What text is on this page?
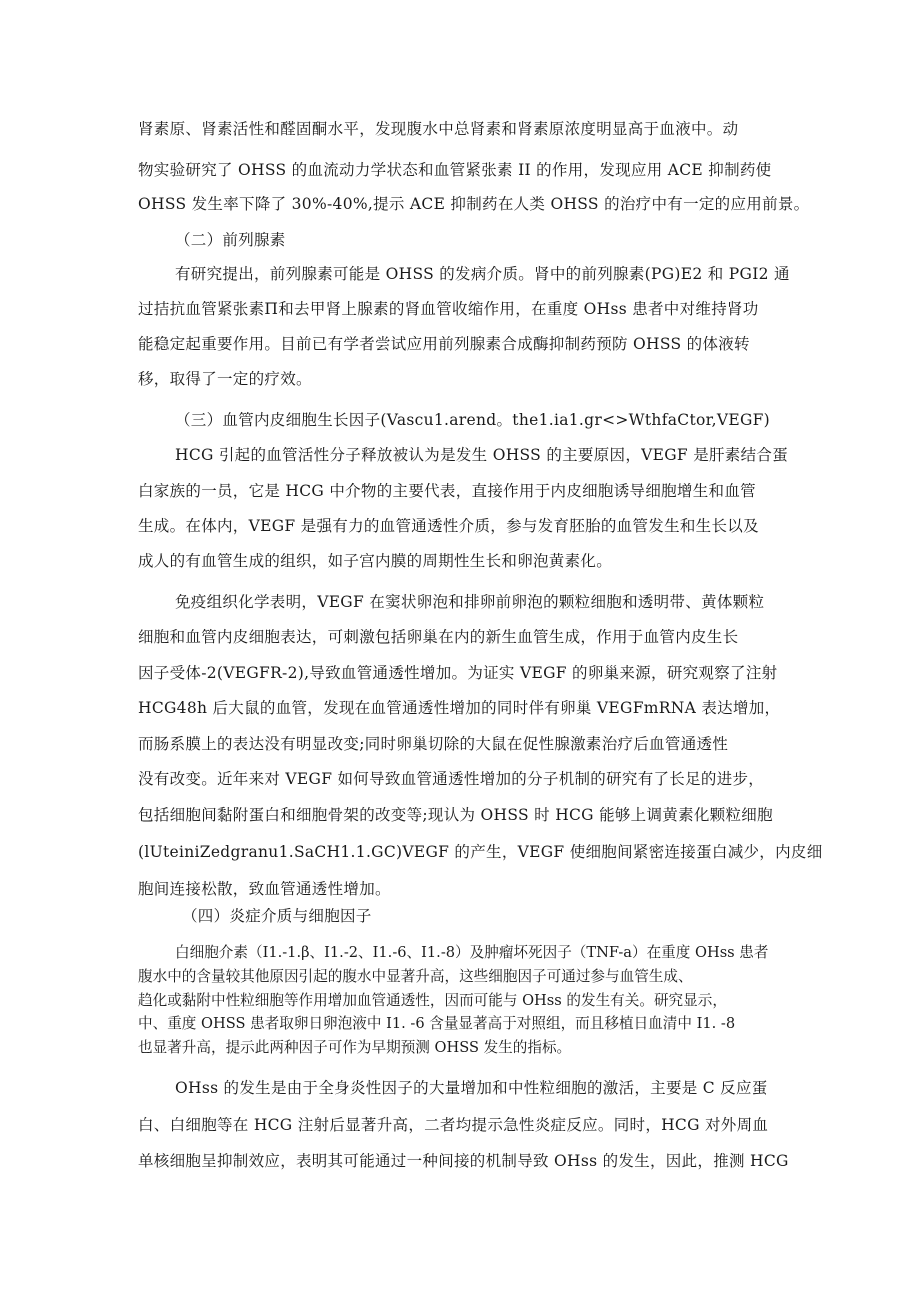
肾素原、肾素活性和醛固酮水平，发现腹水中总肾素和肾素原浓度明显高于血液中。动
物实验研究了 OHSS 的血流动力学状态和血管紧张素 II 的作用，发现应用 ACE 抑制药使
OHSS 发生率下降了 30%-40%,提示 ACE 抑制药在人类 OHSS 的治疗中有一定的应用前景。
（二）前列腺素
有研究提出，前列腺素可能是 OHSS 的发病介质。肾中的前列腺素(PG)E2 和 PGI2 通
过拮抗血管紧张素Π和去甲肾上腺素的肾血管收缩作用，在重度 OHss 患者中对维持肾功
能稳定起重要作用。目前已有学者尝试应用前列腺素合成酶抑制药预防 OHSS 的体液转
移，取得了一定的疗效。
（三）血管内皮细胞生长因子(Vascu1.arend。the1.ia1.gr<>WthfaCtor,VEGF)
HCG 引起的血管活性分子释放被认为是发生 OHSS 的主要原因，VEGF 是肝素结合蛋
白家族的一员，它是 HCG 中介物的主要代表，直接作用于内皮细胞诱导细胞增生和血管
生成。在体内，VEGF 是强有力的血管通透性介质，参与发育胚胎的血管发生和生长以及
成人的有血管生成的组织，如子宫内膜的周期性生长和卵泡黄素化。
免疫组织化学表明，VEGF 在窦状卵泡和排卵前卵泡的颗粒细胞和透明带、黄体颗粒
细胞和血管内皮细胞表达，可刺激包括卵巢在内的新生血管生成，作用于血管内皮生长
因子受体-2(VEGFR-2),导致血管通透性增加。为证实 VEGF 的卵巢来源，研究观察了注射
HCG48h 后大鼠的血管，发现在血管通透性增加的同时伴有卵巢 VEGFmRNA 表达增加，
而肠系膜上的表达没有明显改变;同时卵巢切除的大鼠在促性腺激素治疗后血管通透性
没有改变。近年来对 VEGF 如何导致血管通透性增加的分子机制的研究有了长足的进步，
包括细胞间黏附蛋白和细胞骨架的改变等;现认为 OHSS 时 HCG 能够上调黄素化颗粒细胞
(lUteiniZedgranu1.SaCH1.1.GC)VEGF 的产生，VEGF 使细胞间紧密连接蛋白减少，内皮细
胞间连接松散，致血管通透性增加。
（四）炎症介质与细胞因子
白细胞介素（I1.-1.β、I1.-2、I1.-6、I1.-8）及肿瘤坏死因子（TNF-a）在重度 OHss 患者
腹水中的含量较其他原因引起的腹水中显著升高，这些细胞因子可通过参与血管生成、
趋化或黏附中性粒细胞等作用增加血管通透性，因而可能与 OHss 的发生有关。研究显示，
中、重度 OHSS 患者取卵日卵泡液中 I1. -6 含量显著高于对照组，而且移植日血清中 I1. -8
也显著升高，提示此两种因子可作为早期预测 OHSS 发生的指标。
OHss 的发生是由于全身炎性因子的大量增加和中性粒细胞的激活，主要是 C 反应蛋
白、白细胞等在 HCG 注射后显著升高，二者均提示急性炎症反应。同时，HCG 对外周血
单核细胞呈抑制效应，表明其可能通过一种间接的机制导致 OHss 的发生，因此，推测 HCG
